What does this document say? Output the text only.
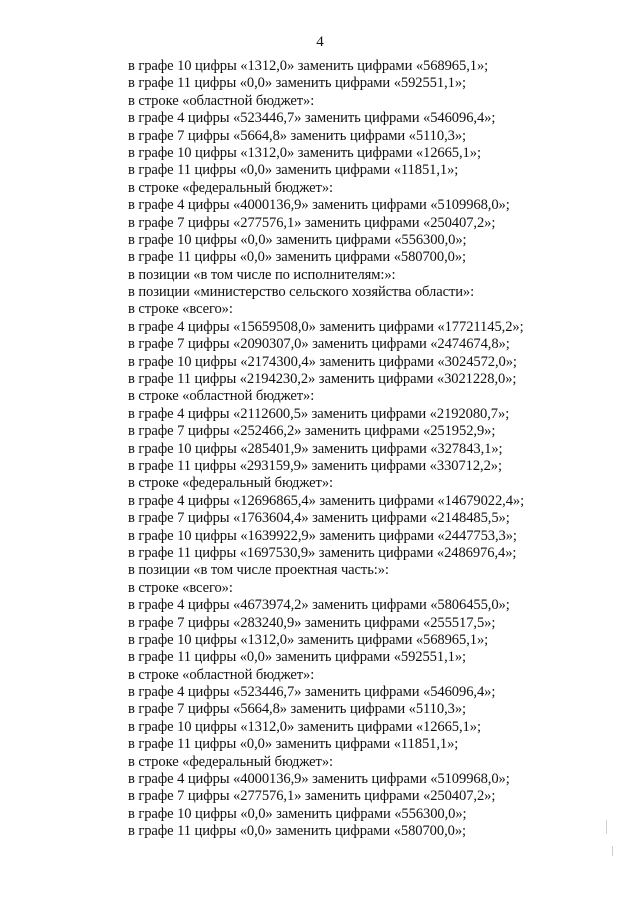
4
в графе 10 цифры «1312,0» заменить цифрами «568965,1»;
в графе 11 цифры «0,0» заменить цифрами «592551,1»;
в строке «областной бюджет»:
в графе 4 цифры «523446,7» заменить цифрами «546096,4»;
в графе 7 цифры «5664,8» заменить цифрами «5110,3»;
в графе 10 цифры «1312,0» заменить цифрами «12665,1»;
в графе 11 цифры «0,0» заменить цифрами «11851,1»;
в строке «федеральный бюджет»:
в графе 4 цифры «4000136,9» заменить цифрами «5109968,0»;
в графе 7 цифры «277576,1» заменить цифрами «250407,2»;
в графе 10 цифры «0,0» заменить цифрами «556300,0»;
в графе 11 цифры «0,0» заменить цифрами «580700,0»;
в позиции «в том числе по исполнителям:»:
в позиции «министерство сельского хозяйства области»:
в строке «всего»:
в графе 4 цифры «15659508,0» заменить цифрами «17721145,2»;
в графе 7 цифры «2090307,0» заменить цифрами «2474674,8»;
в графе 10 цифры «2174300,4» заменить цифрами «3024572,0»;
в графе 11 цифры «2194230,2» заменить цифрами «3021228,0»;
в строке «областной бюджет»:
в графе 4 цифры «2112600,5» заменить цифрами «2192080,7»;
в графе 7 цифры «252466,2» заменить цифрами «251952,9»;
в графе 10 цифры «285401,9» заменить цифрами «327843,1»;
в графе 11 цифры «293159,9» заменить цифрами «330712,2»;
в строке «федеральный бюджет»:
в графе 4 цифры «12696865,4» заменить цифрами «14679022,4»;
в графе 7 цифры «1763604,4» заменить цифрами «2148485,5»;
в графе 10 цифры «1639922,9» заменить цифрами «2447753,3»;
в графе 11 цифры «1697530,9» заменить цифрами «2486976,4»;
в позиции «в том числе проектная часть:»:
в строке «всего»:
в графе 4 цифры «4673974,2» заменить цифрами «5806455,0»;
в графе 7 цифры «283240,9» заменить цифрами «255517,5»;
в графе 10 цифры «1312,0» заменить цифрами «568965,1»;
в графе 11 цифры «0,0» заменить цифрами «592551,1»;
в строке «областной бюджет»:
в графе 4 цифры «523446,7» заменить цифрами «546096,4»;
в графе 7 цифры «5664,8» заменить цифрами «5110,3»;
в графе 10 цифры «1312,0» заменить цифрами «12665,1»;
в графе 11 цифры «0,0» заменить цифрами «11851,1»;
в строке «федеральный бюджет»:
в графе 4 цифры «4000136,9» заменить цифрами «5109968,0»;
в графе 7 цифры «277576,1» заменить цифрами «250407,2»;
в графе 10 цифры «0,0» заменить цифрами «556300,0»;
в графе 11 цифры «0,0» заменить цифрами «580700,0»;
